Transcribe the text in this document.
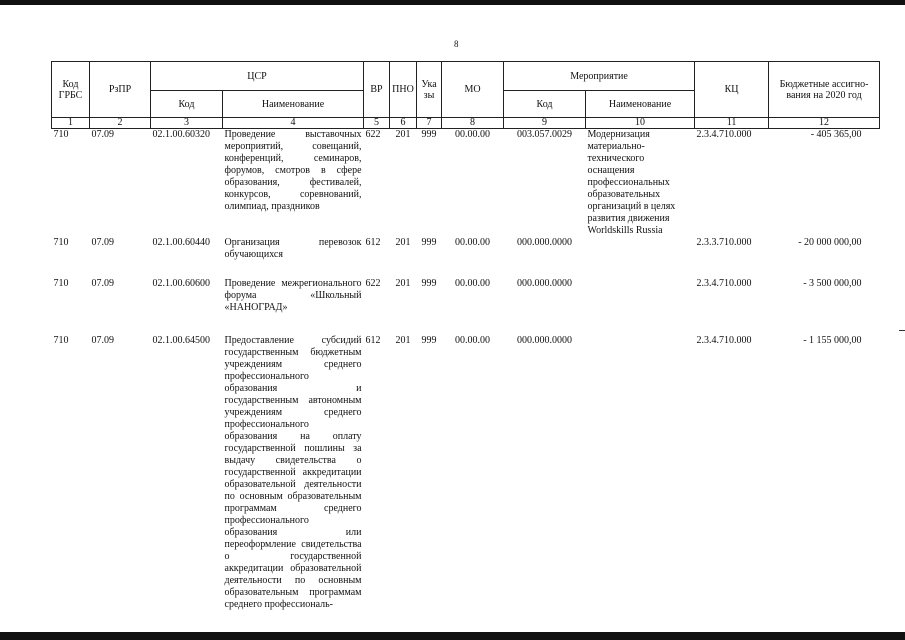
8
Код ГРБС	РзПР	ЦСР		ВР	ПНО	Ука зы	МО	Мероприятие		КЦ	Бюджетные ассигно-вания на 2020 год
		Код	Наименование					Код	Наименование		
1	2	3	4	5	6	7	8	9	10	11	12
710	07.09	02.1.00.60320	Проведение выставочных мероприятий, совещаний, конференций, семинаров, форумов, смотров в сфере образования, фестивалей, конкурсов, соревнований, олимпиад, праздников	622	201	999	00.00.00	003.057.0029	Модернизация материально-технического оснащения профессиональных образовательных организаций в целях развития движения Worldskills Russia	2.3.4.710.000	- 405 365,00
710	07.09	02.1.00.60440	Организация перевозок обучающихся	612	201	999	00.00.00	000.000.0000		2.3.3.710.000	- 20 000 000,00
710	07.09	02.1.00.60600	Проведение межрегионального форума «Школьный «НАНОГРАД»	622	201	999	00.00.00	000.000.0000		2.3.4.710.000	- 3 500 000,00
710	07.09	02.1.00.64500	Предоставление субсидий государственным бюджетным учреждениям среднего профессионального образования и государственным автономным учреждениям среднего профессионального образования на оплату государственной пошлины за выдачу свидетельства о государственной аккредитации образовательной деятельности по основным образовательным программам среднего профессионального образования или переоформление свидетельства о государственной аккредитации образовательной деятельности по основным образовательным программам среднего профессиональ-	612	201	999	00.00.00	000.000.0000		2.3.4.710.000	- 1 155 000,00
